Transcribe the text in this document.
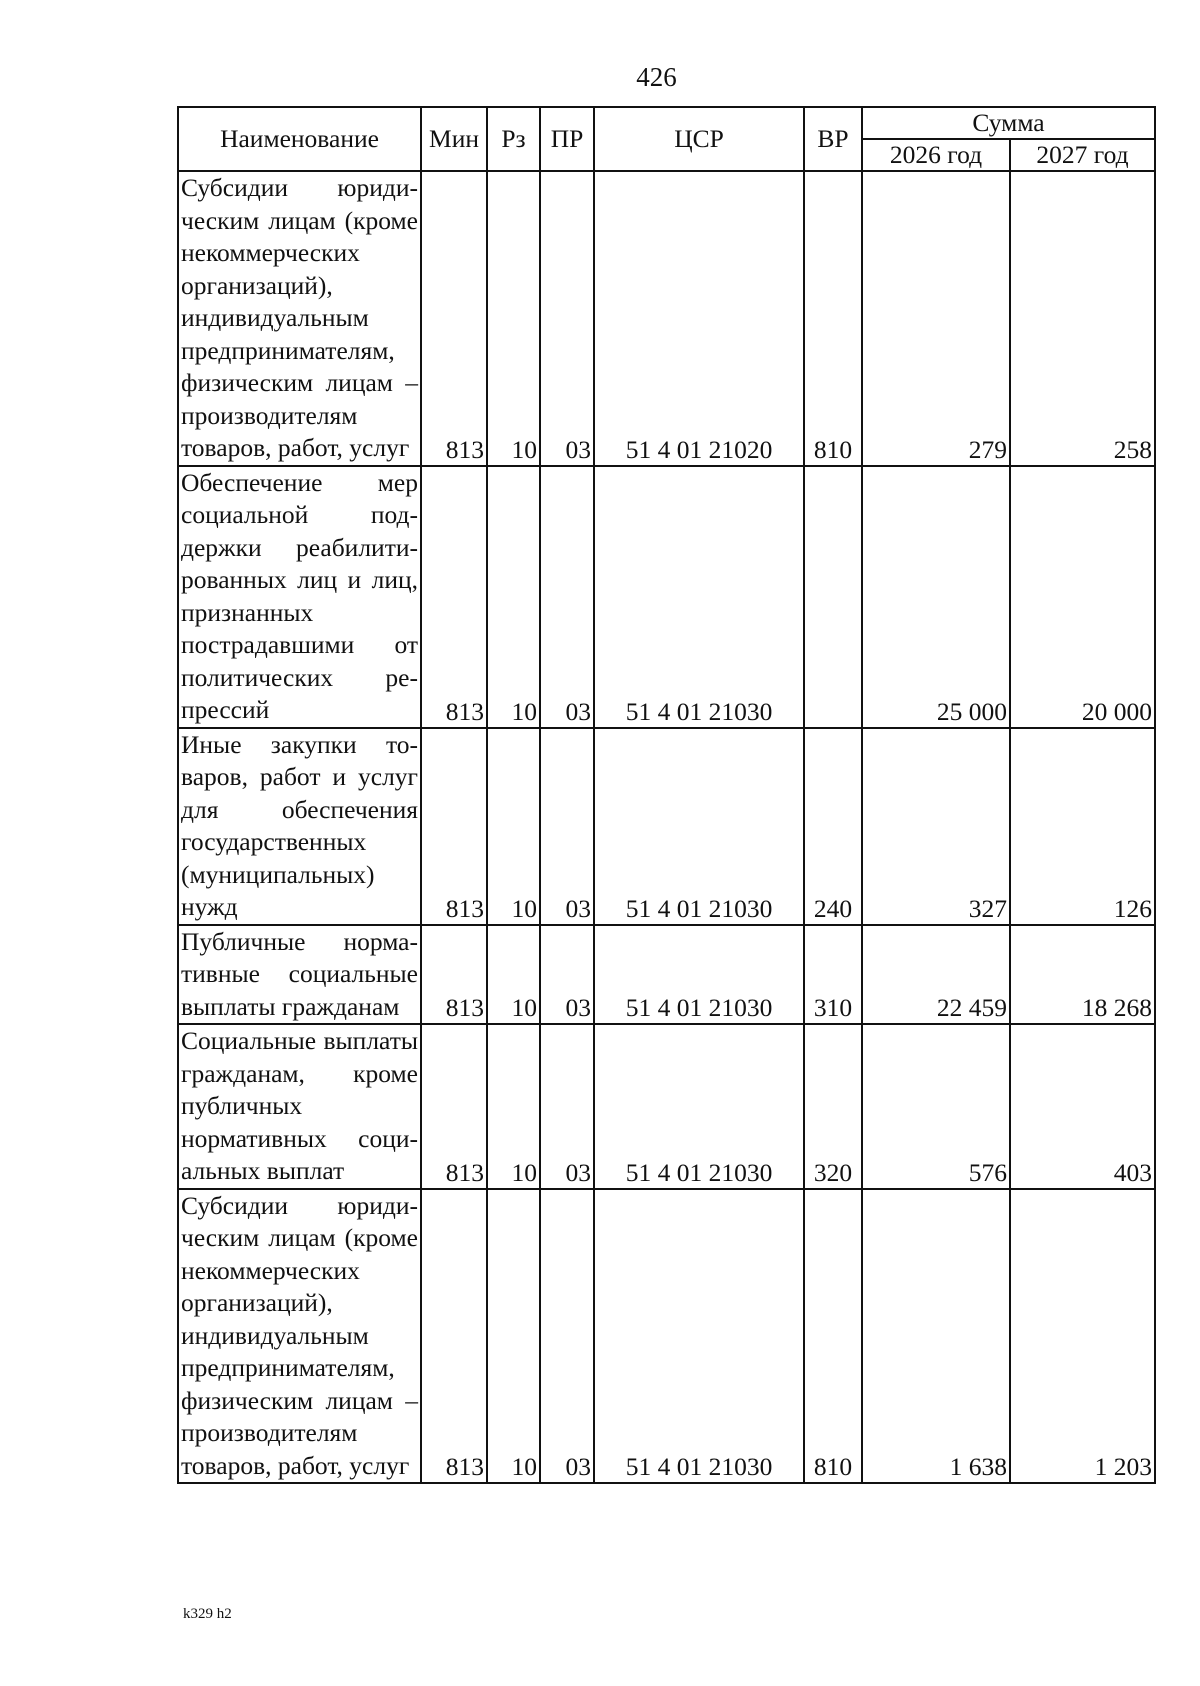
426
Наименование	Мин	Рз	ПР	ЦСР	ВР	Сумма	
						2026 год	2027 год
Субсидии юридическим лицам (кроме некоммерческих организаций), индивидуальным предпринимателям, физическим лицам – производителям товаров, работ, услуг	813	10	03	51 4 01 21020	810	279	258
Обеспечение мер социальной поддержки реабилитированных лиц и лиц, признанных пострадавшими от политических репрессий	813	10	03	51 4 01 21030		25 000	20 000
Иные закупки товаров, работ и услуг для обеспечения государственных (муниципальных) нужд	813	10	03	51 4 01 21030	240	327	126
Публичные нормативные социальные выплаты гражданам	813	10	03	51 4 01 21030	310	22 459	18 268
Социальные выплаты гражданам, кроме публичных нормативных социальных выплат	813	10	03	51 4 01 21030	320	576	403
Субсидии юридическим лицам (кроме некоммерческих организаций), индивидуальным предпринимателям, физическим лицам – производителям товаров, работ, услуг	813	10	03	51 4 01 21030	810	1 638	1 203
k329 h2
